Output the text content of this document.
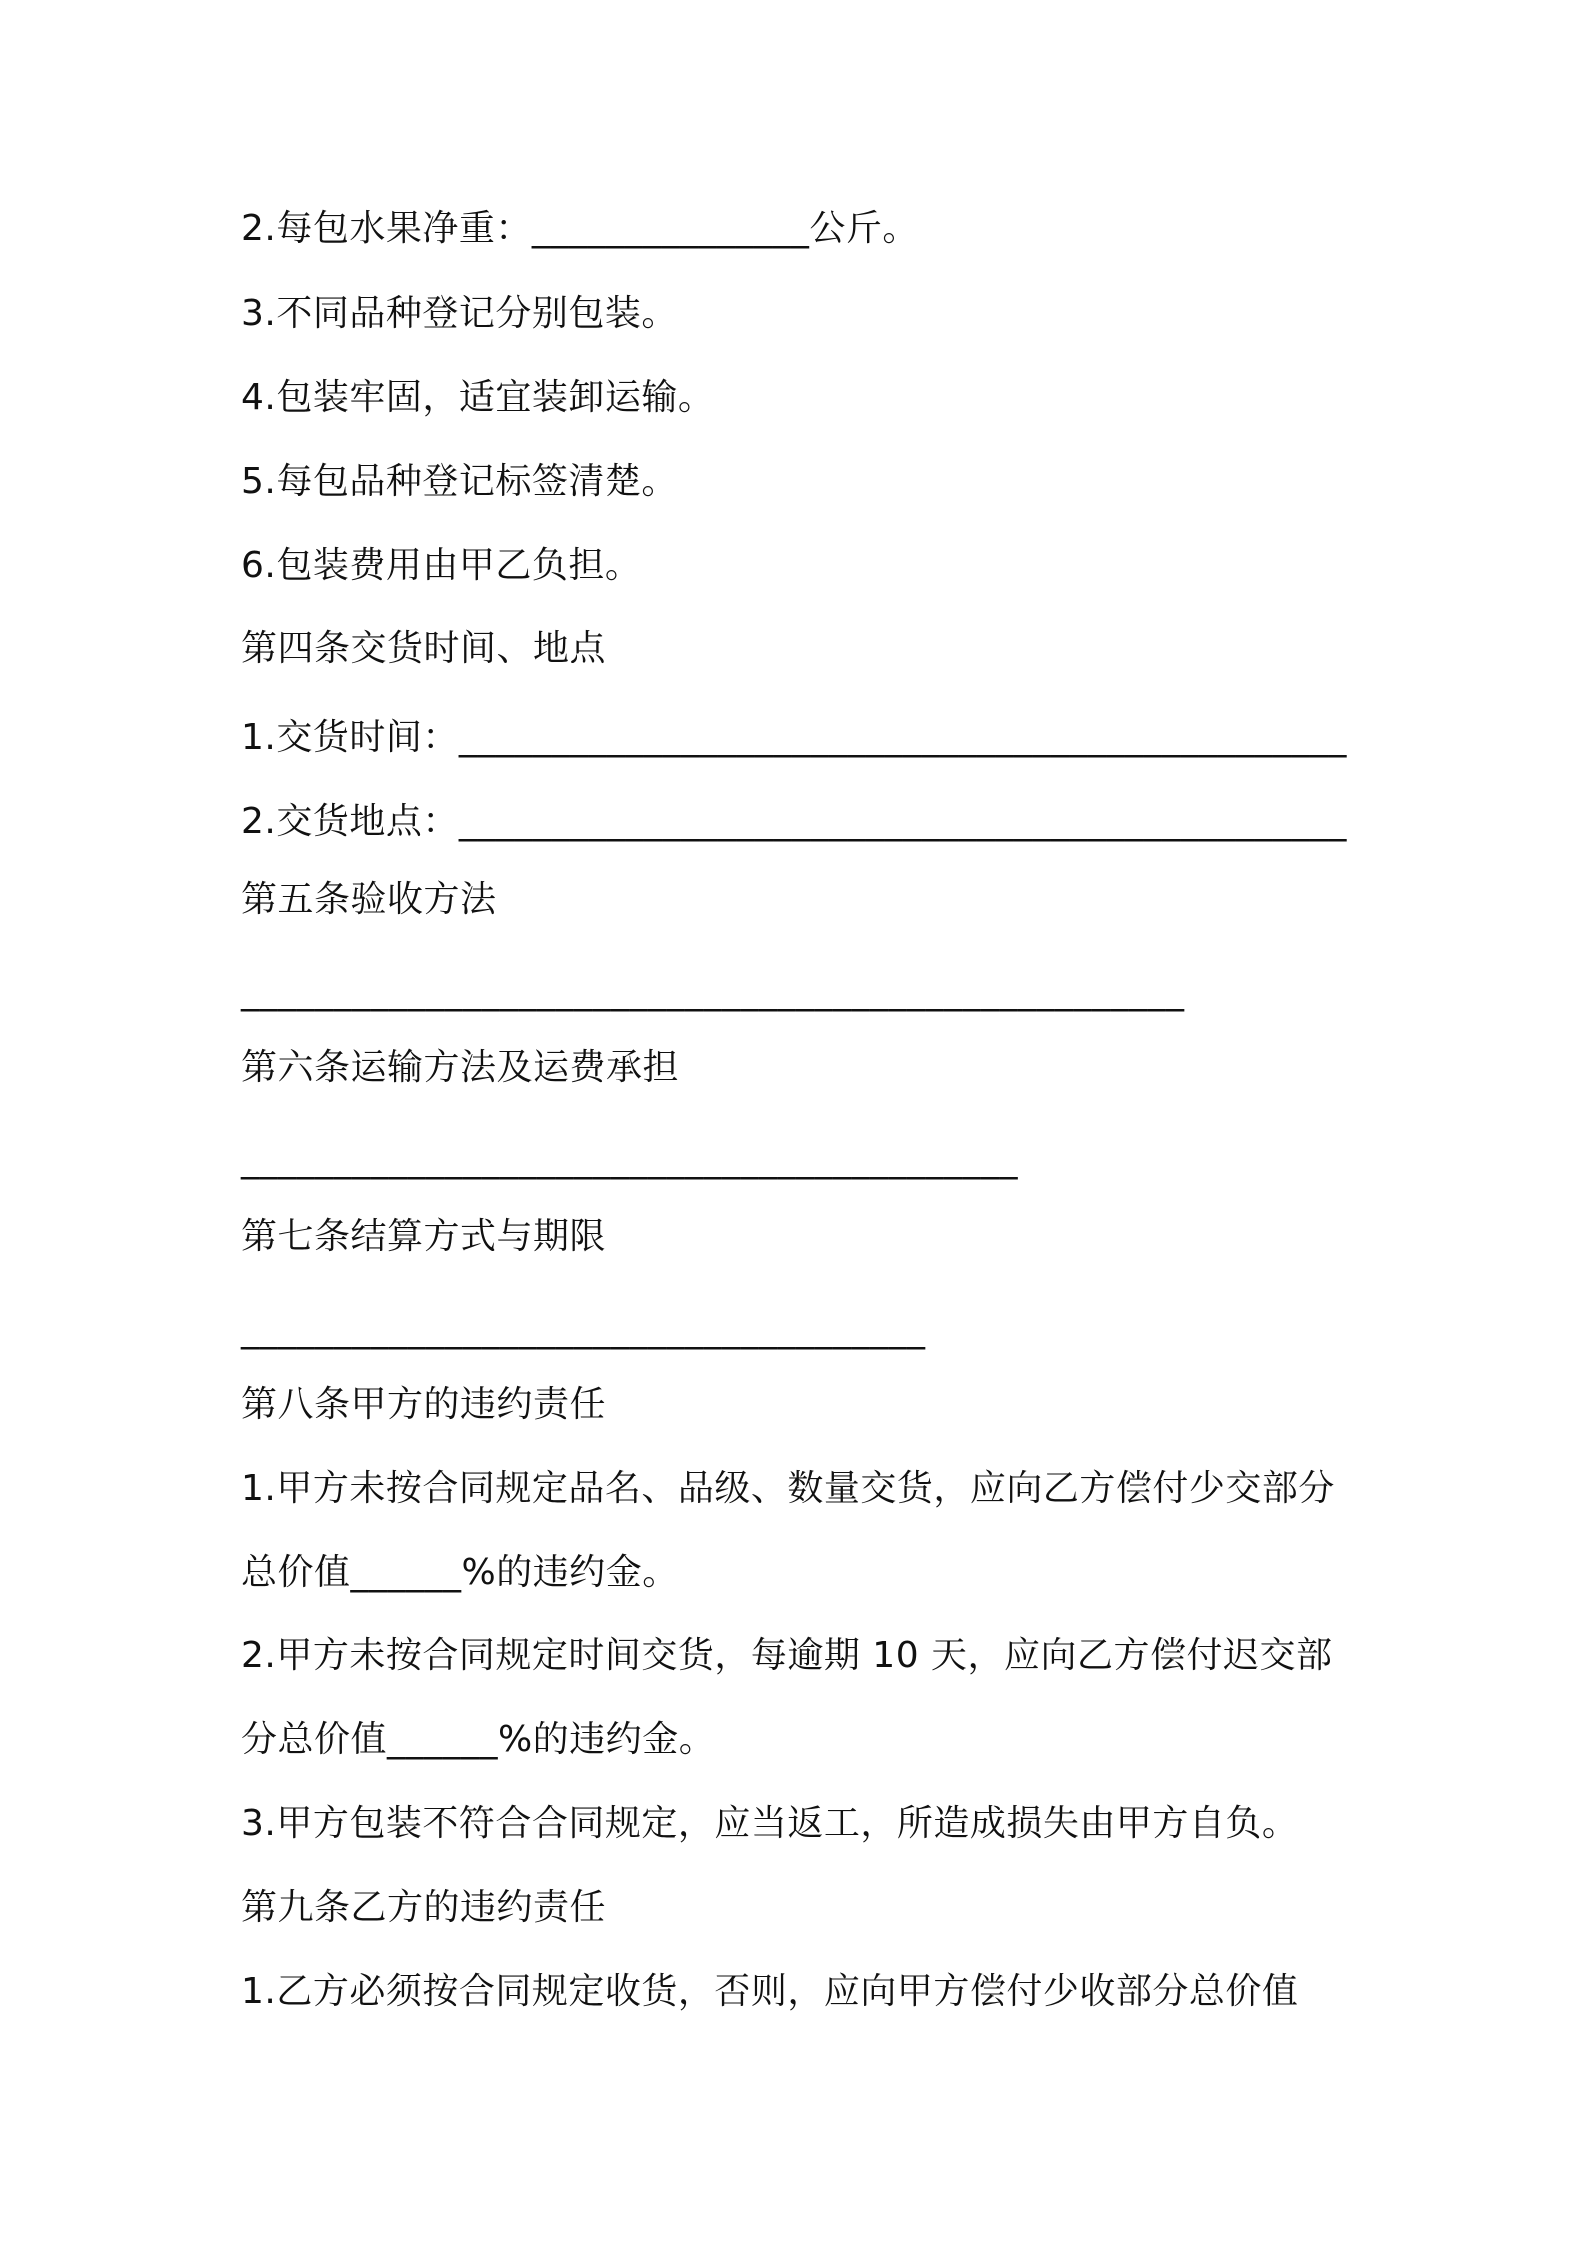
2.每包水果净重：_______________公斤。
3.不同品种登记分别包装。
4.包装牢固，适宜装卸运输。
5.每包品种登记标签清楚。
6.包装费用由甲乙负担。
第四条交货时间、地点
1.交货时间：________________________________________________
2.交货地点：________________________________________________
第五条验收方法
___________________________________________________
第六条运输方法及运费承担
__________________________________________
第七条结算方式与期限
_____________________________________
第八条甲方的违约责任
1.甲方未按合同规定品名、品级、数量交货，应向乙方偿付少交部分
总价值______%的违约金。
2.甲方未按合同规定时间交货，每逾期 10 天，应向乙方偿付迟交部
分总价值______%的违约金。
3.甲方包装不符合合同规定，应当返工，所造成损失由甲方自负。
第九条乙方的违约责任
1.乙方必须按合同规定收货，否则，应向甲方偿付少收部分总价值
